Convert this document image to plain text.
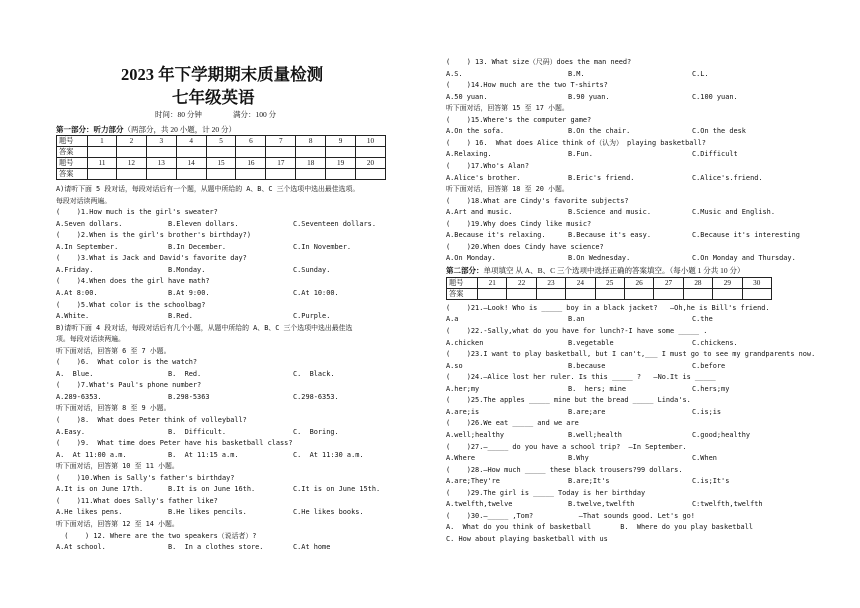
2023 年下学期期末质量检测
七年级英语
时间：80 分钟	满分：100 分
第一部分：听力部分（两部分，共 20 小题，计 20 分）
题号	1	2	3	4	5	6	7	8	9	10
答案										
题号	11	12	13	14	15	16	17	18	19	20
答案										
A)请听下面 5 段对话，每段对话后有一个题，从题中所给的 A、B、C 三个选项中选出最佳选项。
每段对话读两遍。
(    )1.How much is the girl's sweater?
A.Seven dollars.	B.Eleven dollars.	C.Seventeen dollars.
(    )2.When is the girl's brother's birthday?)
A.In September.	B.In December.	C.In November.
(    )3.What is Jack and David's favorite day?
A.Friday.	B.Monday.	C.Sunday.
(    )4.When does the girl have math?
A.At 8:00.	B.At 9:00.	C.At 10:00.
(    )5.What color is the schoolbag?
A.White.	B.Red.	C.Purple.
B)请听下面 4 段对话，每段对话后有几个小题，从题中所给的 A、B、C 三个选项中选出最佳选
项。每段对话读两遍。
听下面对话，回答第 6 至 7 小题。
(    )6.  What color is the watch?
A.  Blue.	B.  Red.	C.  Black.
(    )7.What's Paul's phone number?
A.289-6353.	B.298-5363	C.298-6353.
听下面对话，回答第 8 至 9 小题。
(    )8.  What does Peter think of volleyball?
A.Easy.	B.  Difficult.	C.  Boring.
(    )9.  What time does Peter have his basketball class?
A.  At 11:00 a.m.	B.  At 11:15 a.m.	C.  At 11:30 a.m.
听下面对话，回答第 10 至 11 小题。
(    )10.When is Sally's father's birthday?
A.It is on June 17th.	B.It is on June 16th.	C.It is on June 15th.
(    )11.What does Sally's father like?
A.He likes pens.	B.He likes pencils.	C.He likes books.
听下面对话，回答第 12 至 14 小题。
(    ) 12. Where are the two speakers（说话者）?
A.At school.	B.  In a clothes store.	C.At home
(    ) 13. What size（尺码）does the man need?
A.S.	B.M.	C.L.
(    )14.How much are the two T-shirts?
A.50 yuan.	B.90 yuan.	C.100 yuan.
听下面对话，回答第 15 至 17 小题。
(    )15.Where's the computer game?
A.On the sofa.	B.On the chair.	C.On the desk
(    ) 16.  What does Alice think of（认为） playing basketball?
A.Relaxing.	B.Fun.	C.Difficult
(    )17.Who's Alan?
A.Alice's brother.	B.Eric's friend.	C.Alice's.friend.
听下面对话，回答第 18 至 20 小题。
(    )18.What are Cindy's favorite subjects?
A.Art and music.	B.Science and music.	C.Music and English.
(    )19.Why does Cindy like music?
A.Because it's relaxing.	B.Because it's easy.	C.Because it's interesting
(    )20.When does Cindy have science?
A.On Monday.	B.On Wednesday.	C.On Monday and Thursday.
(    )21.—Look! Who is _____ boy in a black jacket?   —Oh,he is Bill's friend.
A.a	B.an	C.the
(    )22.-Sally,what do you have for lunch?-I have some _____ .
A.chicken	B.vegetable	C.chickens.
(    )23.I want to play basketball, but I can't,___ I must go to see my grandparents now.
A.so	B.because	C.before
(    )24.—Alice lost her ruler. Is this _____ ?   —No.It is _____
A.her;my	B.  hers; mine	C.hers;my
(    )25.The apples _____ mine but the bread _____ Linda's.
A.are;is	B.are;are	C.is;is
(    )26.We eat _____ and we are
A.well;healthy	B.well;health	C.good;healthy
(    )27.—_____ do you have a school trip?  —In September.
A.Where	B.Why	C.When
(    )28.—How much _____ these black trousers?99 dollars.
A.are;They're	B.are;It's	C.is;It's
(    )29.The girl is _____ Today is her birthday
A.twelfth,twelve	B.twelve,twelfth	C:twelfth,twelfth
(    )30.—_____ ,Tom?           —That sounds good. Let's go!
A.  What do you think of basketball       B.  Where do you play basketball
C. How about playing basketball with us
第二部分：单项填空 从 A、B、C 三个选项中选择正确的答案填空。（每小题 1 分共 10 分）
题号	21	22	23	24	25	26	27	28	29	30
答案										
